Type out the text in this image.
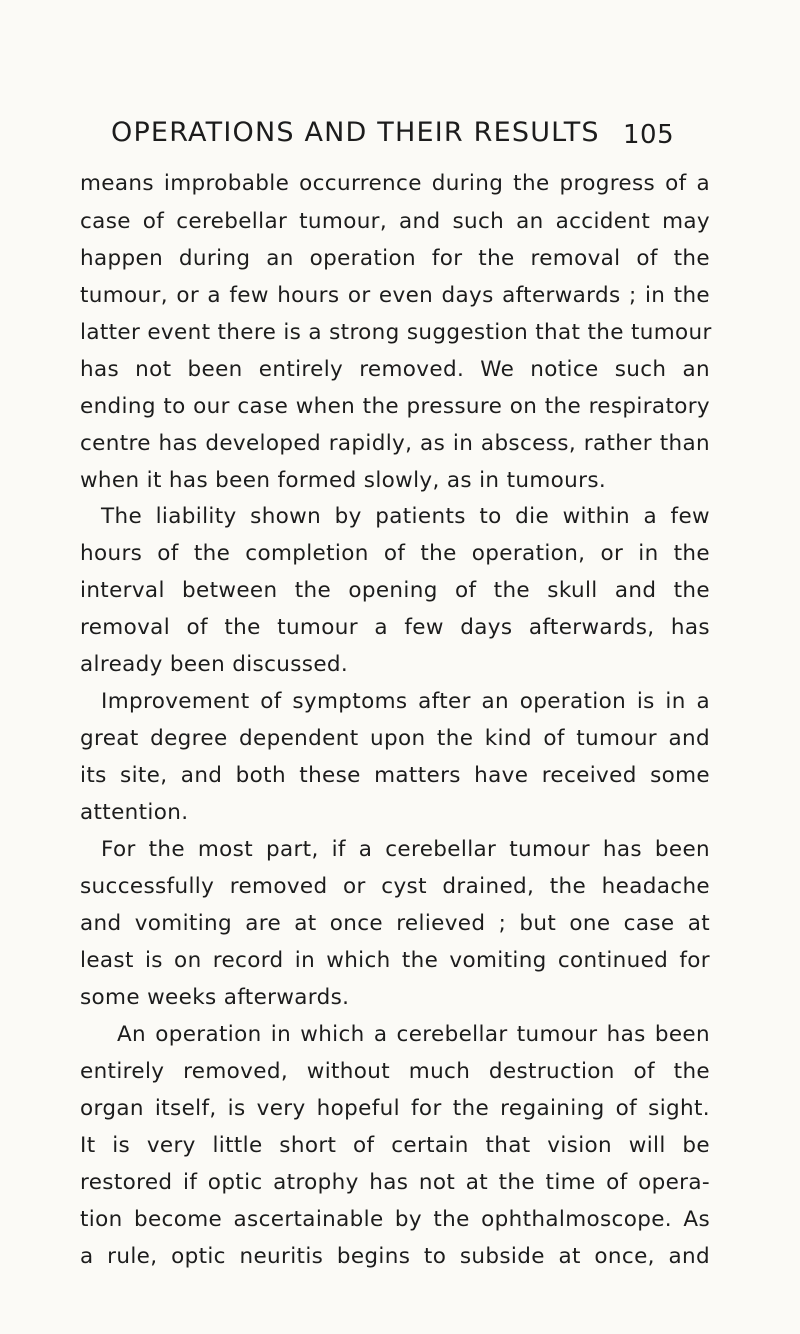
OPERATIONS AND THEIR RESULTS 105
means improbable occurrence during the progress of a
case of cerebellar tumour, and such an accident may
happen during an operation for the removal of the
tumour, or a few hours or even days afterwards ; in the
latter event there is a strong suggestion that the tumour
has not been entirely removed. We notice such an
ending to our case when the pressure on the respiratory
centre has developed rapidly, as in abscess, rather than
when it has been formed slowly, as in tumours.
The liability shown by patients to die within a few
hours of the completion of the operation, or in the
interval between the opening of the skull and the
removal of the tumour a few days afterwards, has
already been discussed.
Improvement of symptoms after an operation is in a
great degree dependent upon the kind of tumour and
its site, and both these matters have received some
attention.
For the most part, if a cerebellar tumour has been
successfully removed or cyst drained, the headache
and vomiting are at once relieved ; but one case at
least is on record in which the vomiting continued for
some weeks afterwards.
An operation in which a cerebellar tumour has been
entirely removed, without much destruction of the
organ itself, is very hopeful for the regaining of sight.
It is very little short of certain that vision will be
restored if optic atrophy has not at the time of opera-
tion become ascertainable by the ophthalmoscope. As
a rule, optic neuritis begins to subside at once, and
